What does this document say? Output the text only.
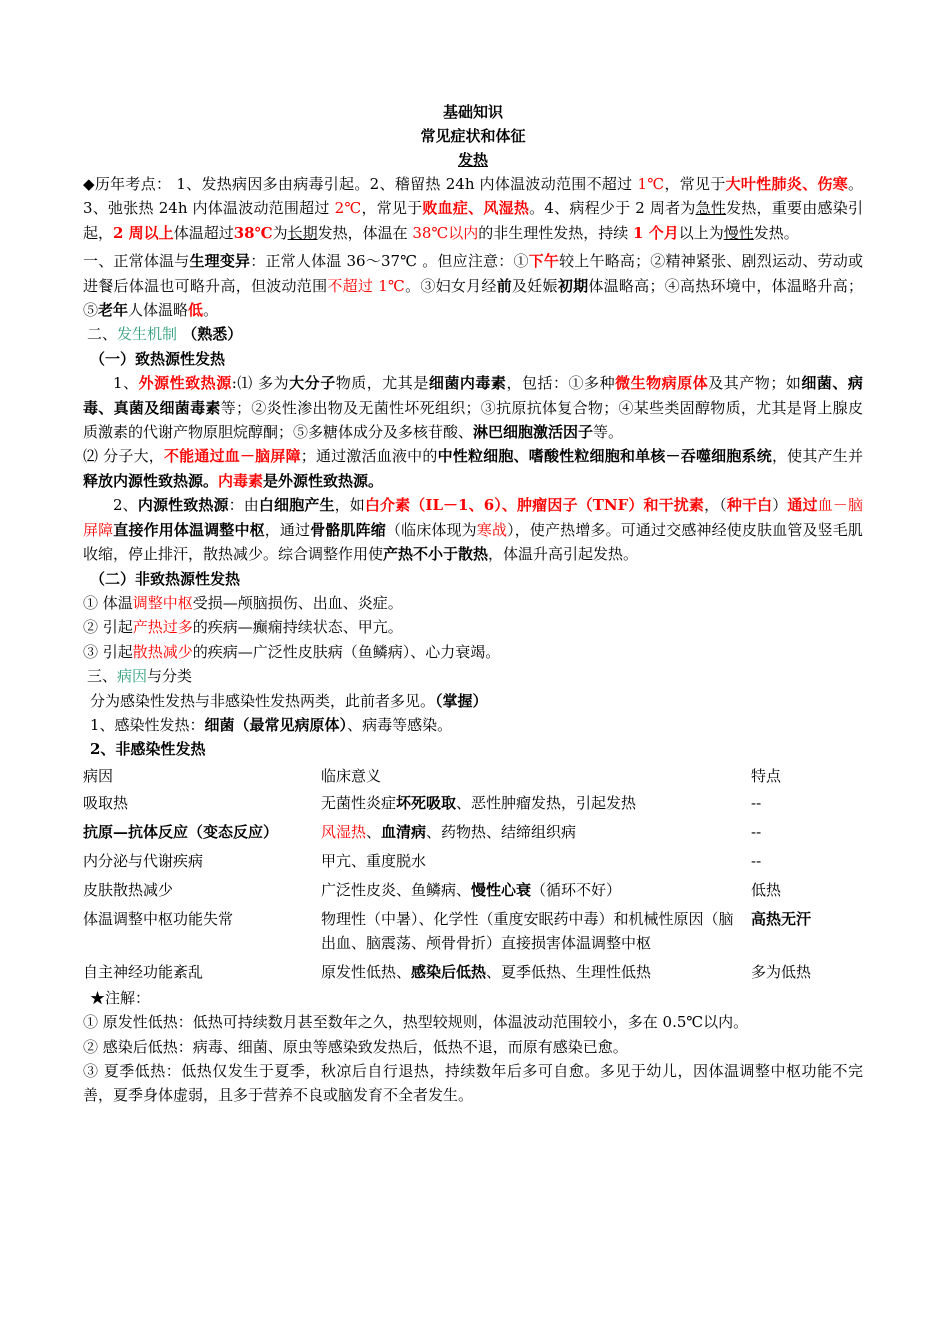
基础知识
常见症状和体征
发热

◆历年考点： 1、发热病因多由病毒引起。2、稽留热 24h 内体温波动范围不超过 1℃，常见于大叶性肺炎、伤寒。3、弛张热 24h 内体温波动范围超过 2℃，常见于败血症、风湿热。4、病程少于 2 周者为急性发热，重要由感染引起，2 周以上体温超过38℃为长期发热，体温在 38℃以内的非生理性发热，持续 1 个月以上为慢性发热。

一、正常体温与生理变异：正常人体温 36～37℃ 。但应注意：①下午较上午略高；②精神紧张、剧烈运动、劳动或进餐后体温也可略升高，但波动范围不超过 1℃。③妇女月经前及妊娠初期体温略高；④高热环境中，体温略升高；⑤老年人体温略低。

二、发生机制 （熟悉）

（一）致热源性发热

1、外源性致热源:⑴ 多为大分子物质，尤其是细菌内毒素，包括：①多种微生物病原体及其产物；如细菌、病毒、真菌及细菌毒素等；②炎性渗出物及无菌性坏死组织；③抗原抗体复合物；④某些类固醇物质，尤其是肾上腺皮质激素的代谢产物原胆烷醇酮；⑤多糖体成分及多核苷酸、淋巴细胞激活因子等。

⑵ 分子大，不能通过血－脑屏障；通过激活血液中的中性粒细胞、嗜酸性粒细胞和单核－吞噬细胞系统，使其产生并释放内源性致热源。内毒素是外源性致热源。

2、内源性致热源：由白细胞产生，如白介素（IL－1、6）、肿瘤因子（TNF）和干扰素，（种干白）通过血－脑屏障直接作用体温调整中枢，通过骨骼肌阵缩（临床体现为寒战），使产热增多。可通过交感神经使皮肤血管及竖毛肌收缩，停止排汗，散热减少。综合调整作用使产热不小于散热，体温升高引起发热。

（二）非致热源性发热

① 体温调整中枢受损—颅脑损伤、出血、炎症。

② 引起产热过多的疾病—癫痫持续状态、甲亢。

③ 引起散热减少的疾病—广泛性皮肤病（鱼鳞病）、心力衰竭。

三、病因与分类

分为感染性发热与非感染性发热两类，此前者多见。（掌握）

1、感染性发热：细菌（最常见病原体）、病毒等感染。

2、非感染性发热

病因	临床意义	特点
吸取热	无菌性炎症坏死吸取、恶性肿瘤发热，引起发热	--
抗原—抗体反应（变态反应）	风湿热、血清病、药物热、结缔组织病	--
内分泌与代谢疾病	甲亢、重度脱水	--
皮肤散热减少	广泛性皮炎、鱼鳞病、慢性心衰（循环不好）	低热
体温调整中枢功能失常	物理性（中暑）、化学性（重度安眠药中毒）和机械性原因（脑出血、脑震荡、颅骨骨折）直接损害体温调整中枢	高热无汗
自主神经功能紊乱	原发性低热、感染后低热、夏季低热、生理性低热	多为低热

★注解：

① 原发性低热：低热可持续数月甚至数年之久，热型较规则，体温波动范围较小，多在 0.5℃以内。

② 感染后低热：病毒、细菌、原虫等感染致发热后，低热不退，而原有感染已愈。

③ 夏季低热：低热仅发生于夏季，秋凉后自行退热，持续数年后多可自愈。多见于幼儿，因体温调整中枢功能不完善，夏季身体虚弱，且多于营养不良或脑发育不全者发生。
